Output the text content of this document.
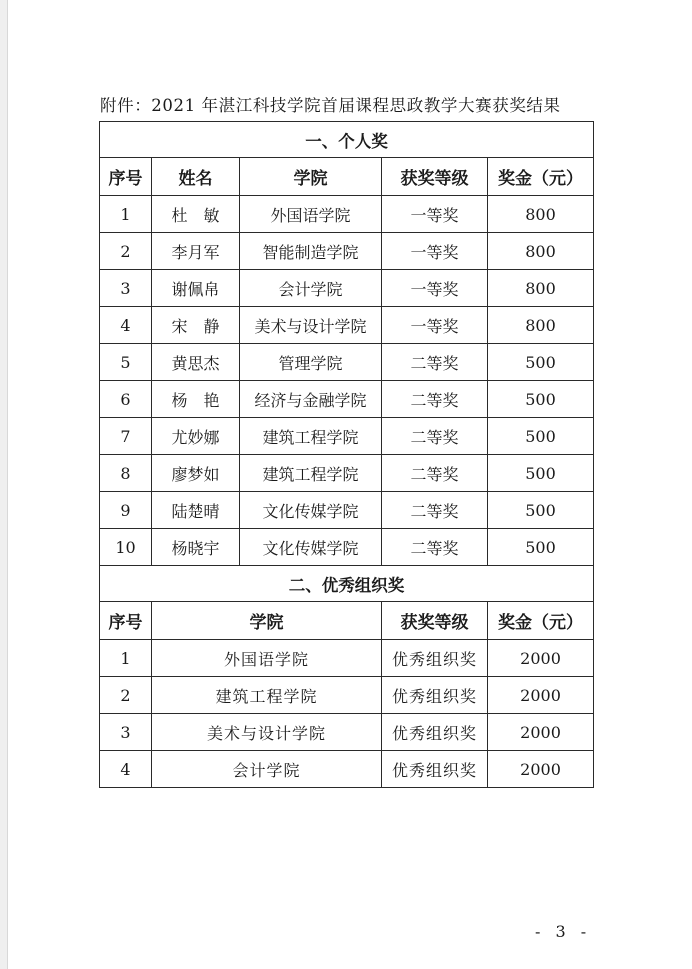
附件：2021 年湛江科技学院首届课程思政教学大赛获奖结果
一、个人奖				
序号	姓名	学院	获奖等级	奖金（元）
1	杜　敏	外国语学院	一等奖	800
2	李月军	智能制造学院	一等奖	800
3	谢佩帛	会计学院	一等奖	800
4	宋　静	美术与设计学院	一等奖	800
5	黄思杰	管理学院	二等奖	500
6	杨　艳	经济与金融学院	二等奖	500
7	尤妙娜	建筑工程学院	二等奖	500
8	廖梦如	建筑工程学院	二等奖	500
9	陆楚晴	文化传媒学院	二等奖	500
10	杨晓宇	文化传媒学院	二等奖	500
二、优秀组织奖				
序号	学院		获奖等级	奖金（元）
1	外国语学院		优秀组织奖	2000
2	建筑工程学院		优秀组织奖	2000
3	美术与设计学院		优秀组织奖	2000
4	会计学院		优秀组织奖	2000
- 3 -
